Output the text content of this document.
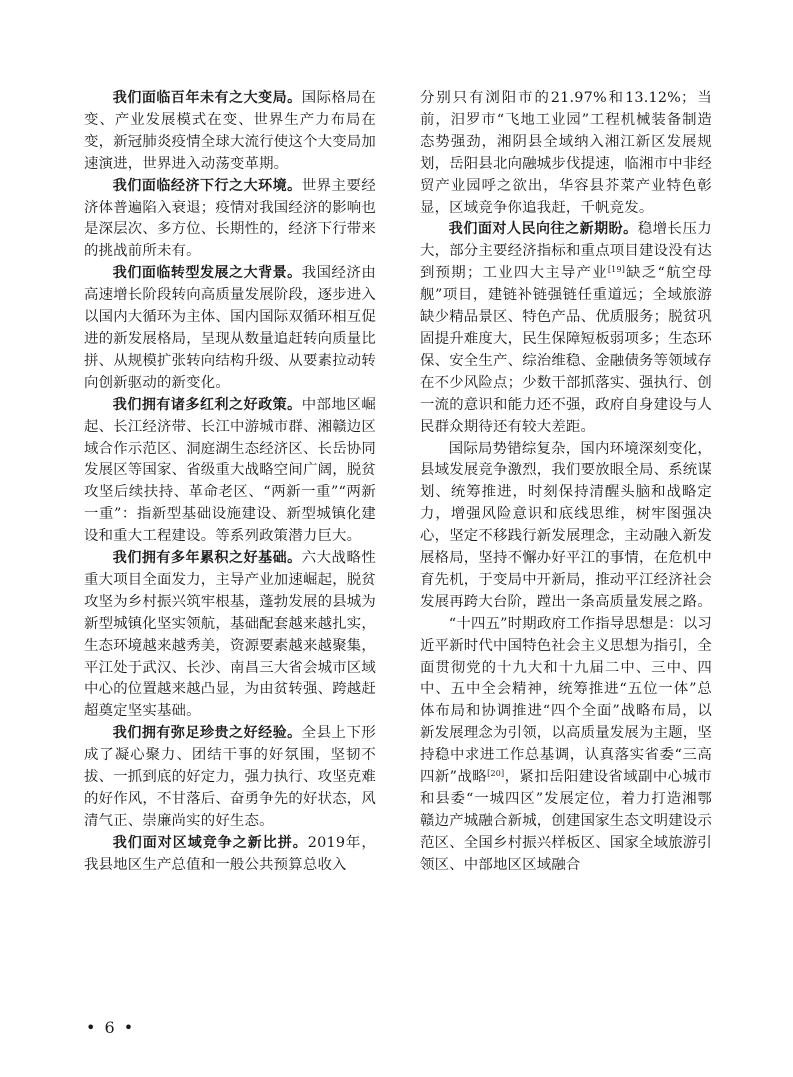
我们面临百年未有之大变局。国际格局在变、产业发展模式在变、世界生产力布局在变，新冠肺炎疫情全球大流行使这个大变局加速演进，世界进入动荡变革期。

我们面临经济下行之大环境。世界主要经济体普遍陷入衰退；疫情对我国经济的影响也是深层次、多方位、长期性的，经济下行带来的挑战前所未有。

我们面临转型发展之大背景。我国经济由高速增长阶段转向高质量发展阶段，逐步进入以国内大循环为主体、国内国际双循环相互促进的新发展格局，呈现从数量追赶转向质量比拼、从规模扩张转向结构升级、从要素拉动转向创新驱动的新变化。

我们拥有诸多红利之好政策。中部地区崛起、长江经济带、长江中游城市群、湘赣边区域合作示范区、洞庭湖生态经济区、长岳协同发展区等国家、省级重大战略空间广阔，脱贫攻坚后续扶持、革命老区、“两新一重”“两新一重”：指新型基础设施建设、新型城镇化建设和重大工程建设。等系列政策潜力巨大。

我们拥有多年累积之好基础。六大战略性重大项目全面发力，主导产业加速崛起，脱贫攻坚为乡村振兴筑牢根基，蓬勃发展的县城为新型城镇化坚实领航，基础配套越来越扎实，生态环境越来越秀美，资源要素越来越聚集，平江处于武汉、长沙、南昌三大省会城市区域中心的位置越来越凸显，为由贫转强、跨越赶超奠定坚实基础。

我们拥有弥足珍贵之好经验。全县上下形成了凝心聚力、团结干事的好氛围，坚韧不拔、一抓到底的好定力，强力执行、攻坚克难的好作风，不甘落后、奋勇争先的好状态，风清气正、崇廉尚实的好生态。

我们面对区域竞争之新比拼。2019年，我县地区生产总值和一般公共预算总收入

分别只有浏阳市的21.97%和13.12%；当前，汨罗市“飞地工业园”工程机械装备制造态势强劲，湘阴县全域纳入湘江新区发展规划，岳阳县北向融城步伐提速，临湘市中非经贸产业园呼之欲出，华容县芥菜产业特色彰显，区域竞争你追我赶，千帆竞发。

我们面对人民向往之新期盼。稳增长压力大，部分主要经济指标和重点项目建设没有达到预期；工业四大主导产业[19]缺乏“航空母舰”项目，建链补链强链任重道远；全域旅游缺少精品景区、特色产品、优质服务；脱贫巩固提升难度大，民生保障短板弱项多；生态环保、安全生产、综治维稳、金融债务等领域存在不少风险点；少数干部抓落实、强执行、创一流的意识和能力还不强，政府自身建设与人民群众期待还有较大差距。

国际局势错综复杂，国内环境深刻变化，县域发展竞争激烈，我们要放眼全局、系统谋划、统筹推进，时刻保持清醒头脑和战略定力，增强风险意识和底线思维，树牢图强决心，坚定不移践行新发展理念，主动融入新发展格局，坚持不懈办好平江的事情，在危机中育先机，于变局中开新局，推动平江经济社会发展再跨大台阶，蹚出一条高质量发展之路。

“十四五”时期政府工作指导思想是：以习近平新时代中国特色社会主义思想为指引，全面贯彻党的十九大和十九届二中、三中、四中、五中全会精神，统筹推进“五位一体”总体布局和协调推进“四个全面”战略布局，以新发展理念为引领，以高质量发展为主题，坚持稳中求进工作总基调，认真落实省委“三高四新”战略[20]，紧扣岳阳建设省域副中心城市和县委“一城四区”发展定位，着力打造湘鄂赣边产城融合新城，创建国家生态文明建设示范区、全国乡村振兴样板区、国家全域旅游引领区、中部地区区域融合

• 6 •
